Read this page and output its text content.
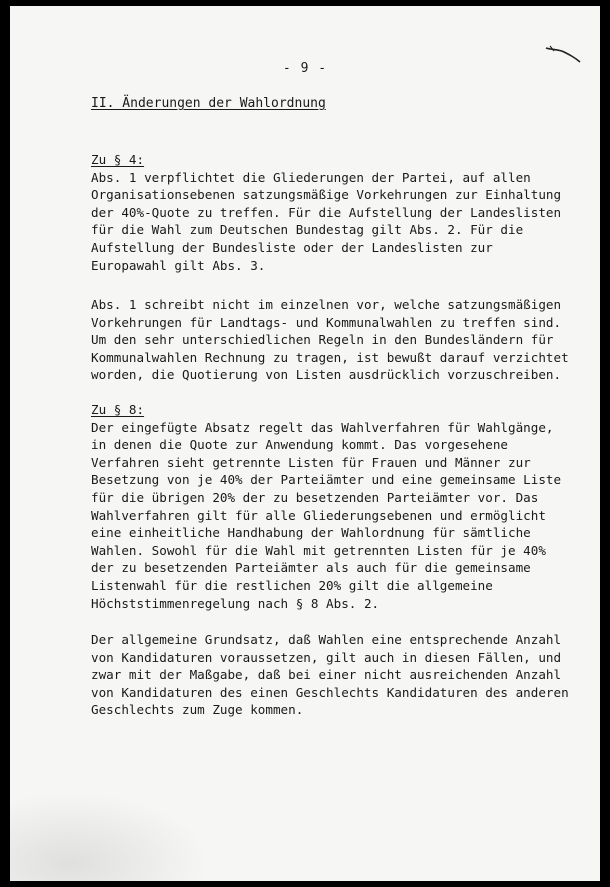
- 9 -
II. Änderungen der Wahlordnung

Zu § 4:

Abs. 1 verpflichtet die Gliederungen der Partei, auf allen

Organisationsebenen satzungsmäßige Vorkehrungen zur Einhaltung

der 40%-Quote zu treffen. Für die Aufstellung der Landeslisten

für die Wahl zum Deutschen Bundestag gilt Abs. 2. Für die

Aufstellung der Bundesliste oder der Landeslisten zur

Europawahl gilt Abs. 3.

Abs. 1 schreibt nicht im einzelnen vor, welche satzungsmäßigen

Vorkehrungen für Landtags- und Kommunalwahlen zu treffen sind.

Um den sehr unterschiedlichen Regeln in den Bundesländern für

Kommunalwahlen Rechnung zu tragen, ist bewußt darauf verzichtet

worden, die Quotierung von Listen ausdrücklich vorzuschreiben.

Zu § 8:

Der eingefügte Absatz regelt das Wahlverfahren für Wahlgänge,

in denen die Quote zur Anwendung kommt. Das vorgesehene

Verfahren sieht getrennte Listen für Frauen und Männer zur

Besetzung von je 40% der Parteiämter und eine gemeinsame Liste

für die übrigen 20% der zu besetzenden Parteiämter vor. Das

Wahlverfahren gilt für alle Gliederungsebenen und ermöglicht

eine einheitliche Handhabung der Wahlordnung für sämtliche

Wahlen. Sowohl für die Wahl mit getrennten Listen für je 40%

der zu besetzenden Parteiämter als auch für die gemeinsame

Listenwahl für die restlichen 20% gilt die allgemeine

Höchststimmenregelung nach § 8 Abs. 2.

Der allgemeine Grundsatz, daß Wahlen eine entsprechende Anzahl

von Kandidaturen voraussetzen, gilt auch in diesen Fällen, und

zwar mit der Maßgabe, daß bei einer nicht ausreichenden Anzahl

von Kandidaturen des einen Geschlechts Kandidaturen des anderen

Geschlechts zum Zuge kommen.
